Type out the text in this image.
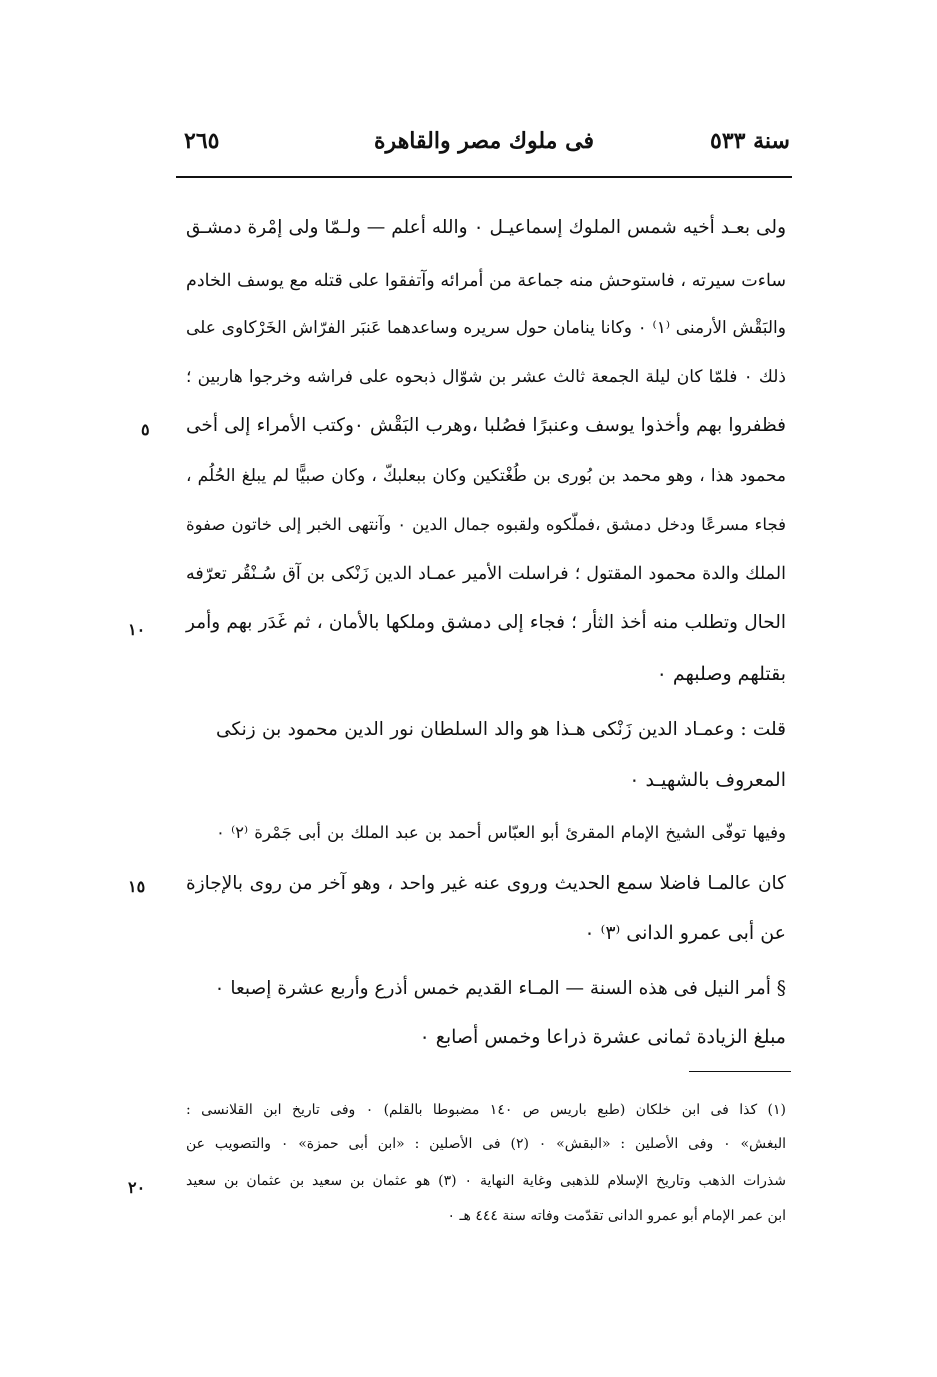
سنة ٥٣٣
فى ملوك مصر والقاهرة
٢٦٥
ولى بعـد أخيه شمس الملوك إسماعيـل ٠ والله أعلم — ولـمّا ولى إمْرة دمشـق
ساءت سيرته ، فاستوحش منه جماعة من أمرائه وآتفقوا على قتله مع يوسف الخادم
والبَقْش الأرمنى ⁽١⁾ ٠ وكانا ينامان حول سريره وساعدهما عَنبَر الفرّاش الخَرْكاوى على
ذلك ٠ فلمّا كان ليلة الجمعة ثالث عشر بن شوّال ذبحوه على فراشه وخرجوا هاربين ؛
فظفروا بهم وأخذوا يوسف وعنبرًا فصُلبا ،وهرب البَقْش ٠وكتب الأمراء إلى أخى
محمود هذا ، وهو محمد بن بُورى بن طُغْتكين وكان ببعلبكّ ، وكان صبيًّا لم يبلغ الحُلُم ،
فجاء مسرعًا ودخل دمشق ،فملّكوه ولقبوه جمال الدين ٠ وآنتهى الخبر إلى خاتون صفوة
الملك والدة محمود المقتول ؛ فراسلت الأمير عمـاد الدين زَنْكى بن آق سُـنْقُر تعرّفه
الحال وتطلب منه أخذ الثأر ؛ فجاء إلى دمشق وملكها بالأمان ، ثم غَدَر بهم وأمر
بقتلهم وصلبهم ٠
قلت : وعمـاد الدين زَنْكى هـذا هو والد السلطان نور الدين محمود بن زنكى
المعروف بالشهيـد ٠
وفيها توفّى الشيخ الإمام المقرئ أبو العبّاس أحمد بن عبد الملك بن أبى جَمْرة ⁽٢⁾ ٠
كان عالمـا فاضلا سمع الحديث وروى عنه غير واحد ، وهو آخر من روى بالإجازة
عن أبى عمرو الدانى ⁽٣⁾ ٠
§ أمر النيل فى هذه السنة — المـاء القديم خمس أذرع وأربع عشرة إصبعا ٠
مبلغ الزيادة ثمانى عشرة ذراعا وخمس أصابع ٠
٥
١٠
١٥
٢٠
(١) كذا فى ابن خلكان (طبع باريس ص ١٤٠ مضبوطا بالقلم) ٠ وفى تاريخ ابن القلانسى :
البغش» ٠ وفى الأصلين : «البقش» ٠ (٢) فى الأصلين : «ابن أبى حمزة» ٠ والتصويب عن
شذرات الذهب وتاريخ الإسلام للذهبى وغاية النهاية ٠ (٣) هو عثمان بن سعيد بن عثمان بن سعيد
ابن عمر الإمام أبو عمرو الدانى تقدّمت وفاته سنة ٤٤٤ هـ ٠
